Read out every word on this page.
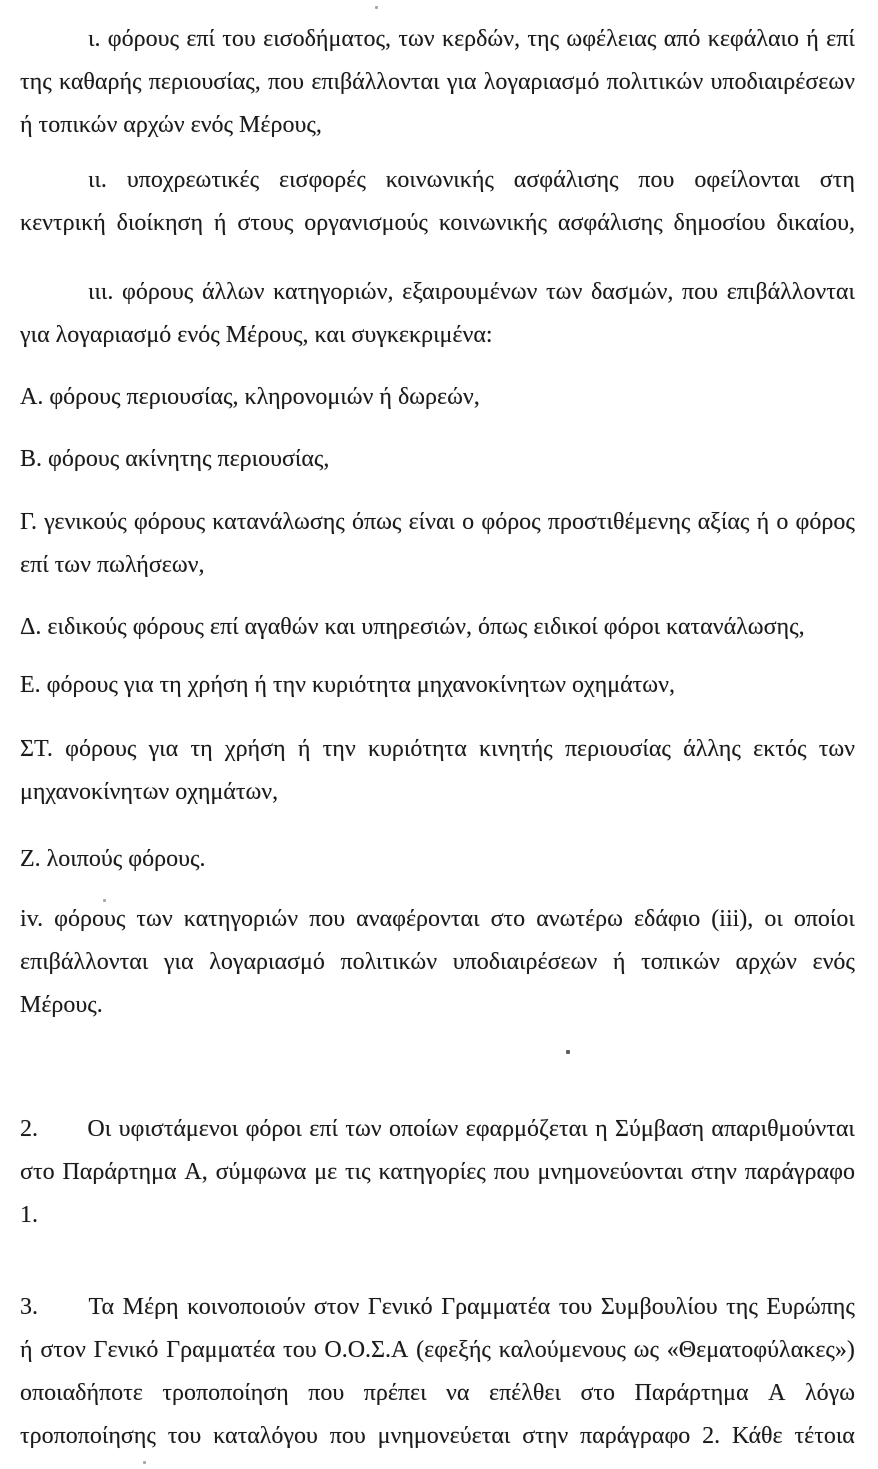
ι. φόρους επί του εισοδήματος, των κερδών, της ωφέλειας από κεφάλαιο ή επί
της καθαρής περιουσίας, που επιβάλλονται για λογαριασμό πολιτικών υποδιαιρέσεων
ή τοπικών αρχών ενός Μέρους,
ιι. υποχρεωτικές εισφορές κοινωνικής ασφάλισης που οφείλονται στη
κεντρική διοίκηση ή στους οργανισμούς κοινωνικής ασφάλισης δημοσίου δικαίου,
ιιι. φόρους άλλων κατηγοριών, εξαιρουμένων των δασμών, που επιβάλλονται
για λογαριασμό ενός Μέρους, και συγκεκριμένα:
Α. φόρους περιουσίας, κληρονομιών ή δωρεών,
Β. φόρους ακίνητης περιουσίας,
Γ. γενικούς φόρους κατανάλωσης όπως είναι ο φόρος προστιθέμενης αξίας ή ο φόρος
επί των πωλήσεων,
Δ. ειδικούς φόρους επί αγαθών και υπηρεσιών, όπως ειδικοί φόροι κατανάλωσης,
Ε. φόρους για τη χρήση ή την κυριότητα μηχανοκίνητων οχημάτων,
ΣΤ. φόρους για τη χρήση ή την κυριότητα κινητής περιουσίας άλλης εκτός των
μηχανοκίνητων οχημάτων,
Ζ. λοιπούς φόρους.
iv. φόρους των κατηγοριών που αναφέρονται στο ανωτέρω εδάφιο (iii), οι οποίοι
επιβάλλονται για λογαριασμό πολιτικών υποδιαιρέσεων ή τοπικών αρχών ενός
Μέρους.
2.	Οι υφιστάμενοι φόροι επί των οποίων εφαρμόζεται η Σύμβαση απαριθμούνται
στο Παράρτημα Α, σύμφωνα με τις κατηγορίες που μνημονεύονται στην παράγραφο
1.
3.	Τα Μέρη κοινοποιούν στον Γενικό Γραμματέα του Συμβουλίου της Ευρώπης
ή στον Γενικό Γραμματέα του Ο.Ο.Σ.Α (εφεξής καλούμενους ως «Θεματοφύλακες»)
οποιαδήποτε τροποποίηση που πρέπει να επέλθει στο Παράρτημα Α λόγω
τροποποίησης του καταλόγου που μνημονεύεται στην παράγραφο 2. Κάθε τέτοια
